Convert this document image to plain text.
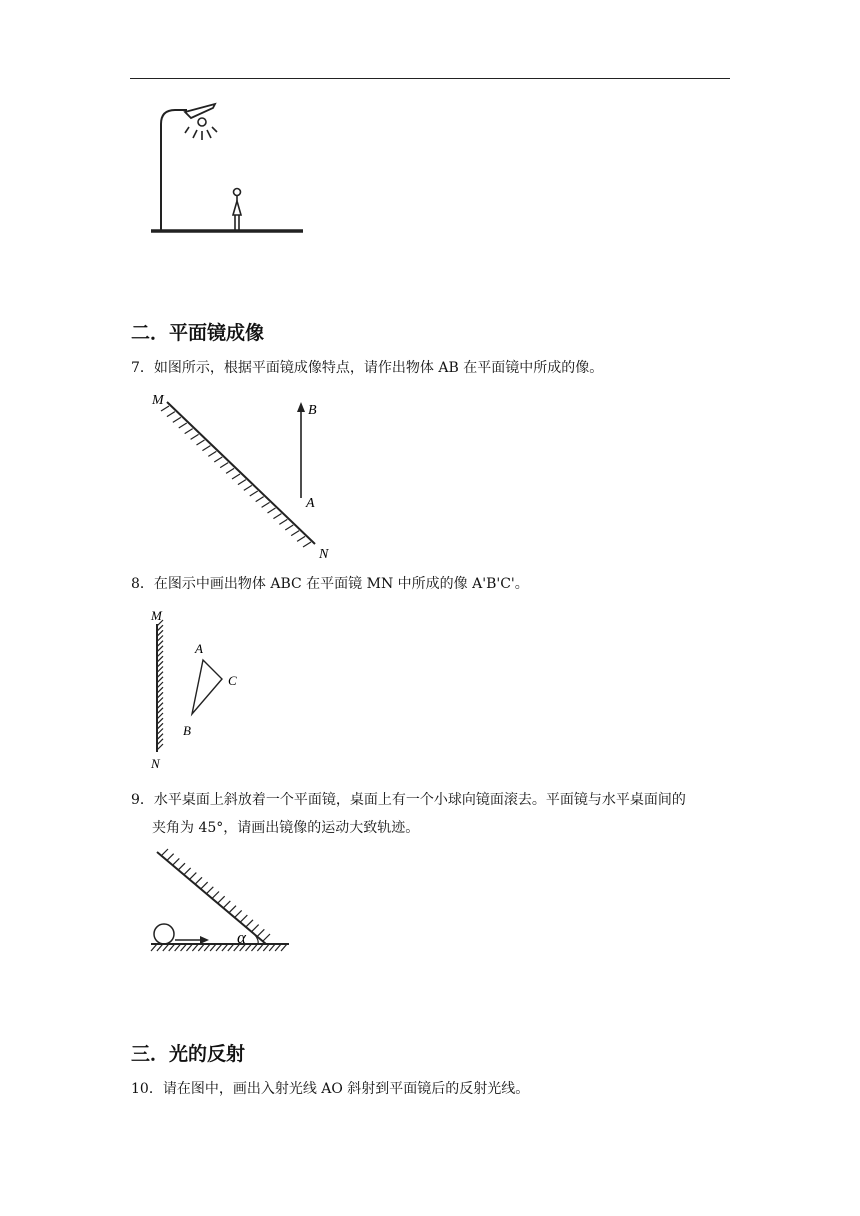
二．平面镜成像
7．如图所示，根据平面镜成像特点，请作出物体 AB 在平面镜中所成的像。
M
N
A
B
8．在图示中画出物体 ABC 在平面镜 MN 中所成的像 A'B'C'。
M
N
A
C
B
9．水平桌面上斜放着一个平面镜，桌面上有一个小球向镜面滚去。平面镜与水平桌面间的
夹角为 45°，请画出镜像的运动大致轨迹。
α
三．光的反射
10．请在图中，画出入射光线 AO 斜射到平面镜后的反射光线。
